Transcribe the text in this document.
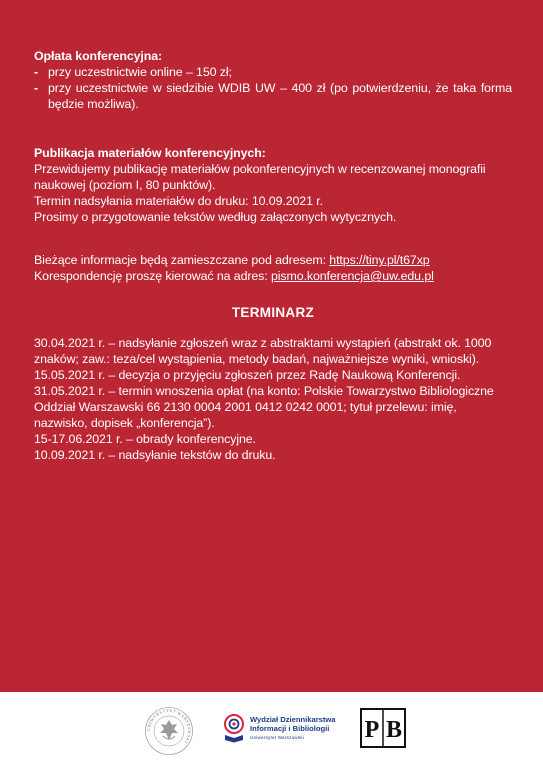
Opłata konferencyjna:

- przy uczestnictwie online – 150 zł;
- przy uczestnictwie w siedzibie WDIB UW – 400 zł (po potwierdzeniu, że taka forma będzie możliwa).

Publikacja materiałów konferencyjnych:

Przewidujemy publikację materiałów pokonferencyjnych w recenzowanej monografii naukowej (poziom I, 80 punktów).

Termin nadsyłania materiałów do druku: 10.09.2021 r.

Prosimy o przygotowanie tekstów według załączonych wytycznych.

Bieżące informacje będą zamieszczane pod adresem: https://tiny.pl/t67xp

Korespondencję proszę kierować na adres: pismo.konferencja@uw.edu.pl

TERMINARZ

30.04.2021 r. – nadsyłanie zgłoszeń wraz z abstraktami wystąpień (abstrakt ok. 1000 znaków; zaw.: teza/cel wystąpienia, metody badań, najważniejsze wyniki, wnioski).

15.05.2021 r. – decyzja o przyjęciu zgłoszeń przez Radę Naukową Konferencji.

31.05.2021 r. – termin wnoszenia opłat (na konto: Polskie Towarzystwo Bibliologiczne Oddział Warszawski 66 2130 0004 2001 0412 0242 0001; tytuł przelewu: imię, nazwisko, dopisek „konferencja”).

15-17.06.2021 r. – obrady konferencyjne.

10.09.2021 r. – nadsyłanie tekstów do druku.

UNIWERSYTET WARSZAWSKI
Wydział Dziennikarstwa
Informacji i Bibliologii
Uniwersytet Warszawski	P B
